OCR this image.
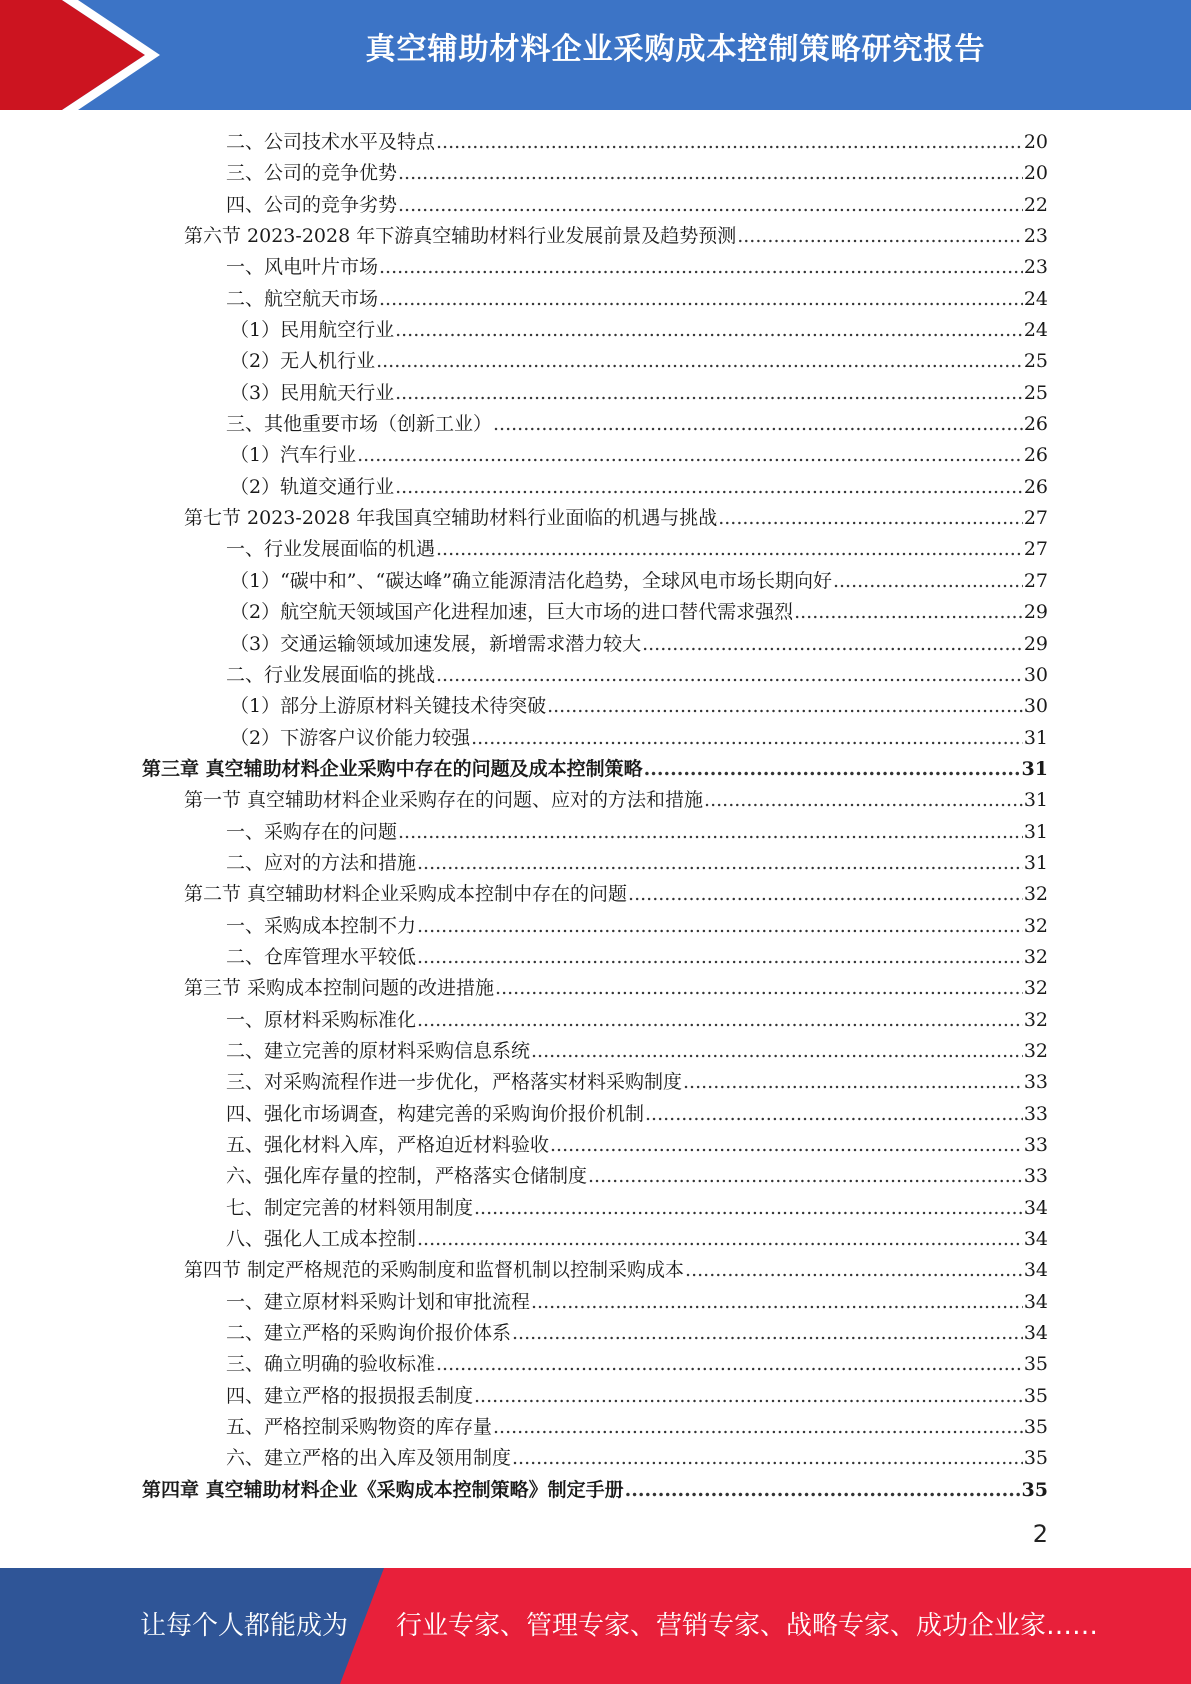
真空辅助材料企业采购成本控制策略研究报告
二、公司技术水平及特点 .....	20
三、公司的竞争优势 .....	20
四、公司的竞争劣势 .....	22
第六节 2023-2028 年下游真空辅助材料行业发展前景及趋势预测 .....	23
一、风电叶片市场 .....	23
二、航空航天市场 .....	24
（1）民用航空行业 .....	24
（2）无人机行业 .....	25
（3）民用航天行业 .....	25
三、其他重要市场（创新工业） .....	26
（1）汽车行业 .....	26
（2）轨道交通行业 .....	26
第七节 2023-2028 年我国真空辅助材料行业面临的机遇与挑战 .....	27
一、行业发展面临的机遇 .....	27
（1）“碳中和”、“碳达峰”确立能源清洁化趋势，全球风电市场长期向好 .....	27
（2）航空航天领域国产化进程加速，巨大市场的进口替代需求强烈 .....	29
（3）交通运输领域加速发展，新增需求潜力较大 .....	29
二、行业发展面临的挑战 .....	30
（1）部分上游原材料关键技术待突破 .....	30
（2）下游客户议价能力较强 .....	31
第三章 真空辅助材料企业采购中存在的问题及成本控制策略 .....	31
第一节 真空辅助材料企业采购存在的问题、应对的方法和措施 .....	31
一、采购存在的问题 .....	31
二、应对的方法和措施 .....	31
第二节 真空辅助材料企业采购成本控制中存在的问题 .....	32
一、采购成本控制不力 .....	32
二、仓库管理水平较低 .....	32
第三节 采购成本控制问题的改进措施 .....	32
一、原材料采购标准化 .....	32
二、建立完善的原材料采购信息系统 .....	32
三、对采购流程作进一步优化，严格落实材料采购制度 .....	33
四、强化市场调查，构建完善的采购询价报价机制 .....	33
五、强化材料入库，严格迫近材料验收 .....	33
六、强化库存量的控制，严格落实仓储制度 .....	33
七、制定完善的材料领用制度 .....	34
八、强化人工成本控制 .....	34
第四节 制定严格规范的采购制度和监督机制以控制采购成本 .....	34
一、建立原材料采购计划和审批流程 .....	34
二、建立严格的采购询价报价体系 .....	34
三、确立明确的验收标准 .....	35
四、建立严格的报损报丢制度 .....	35
五、严格控制采购物资的库存量 .....	35
六、建立严格的出入库及领用制度 .....	35
第四章 真空辅助材料企业《采购成本控制策略》制定手册 .....	35
2
让每个人都能成为 行业专家、管理专家、营销专家、战略专家、成功企业家……
